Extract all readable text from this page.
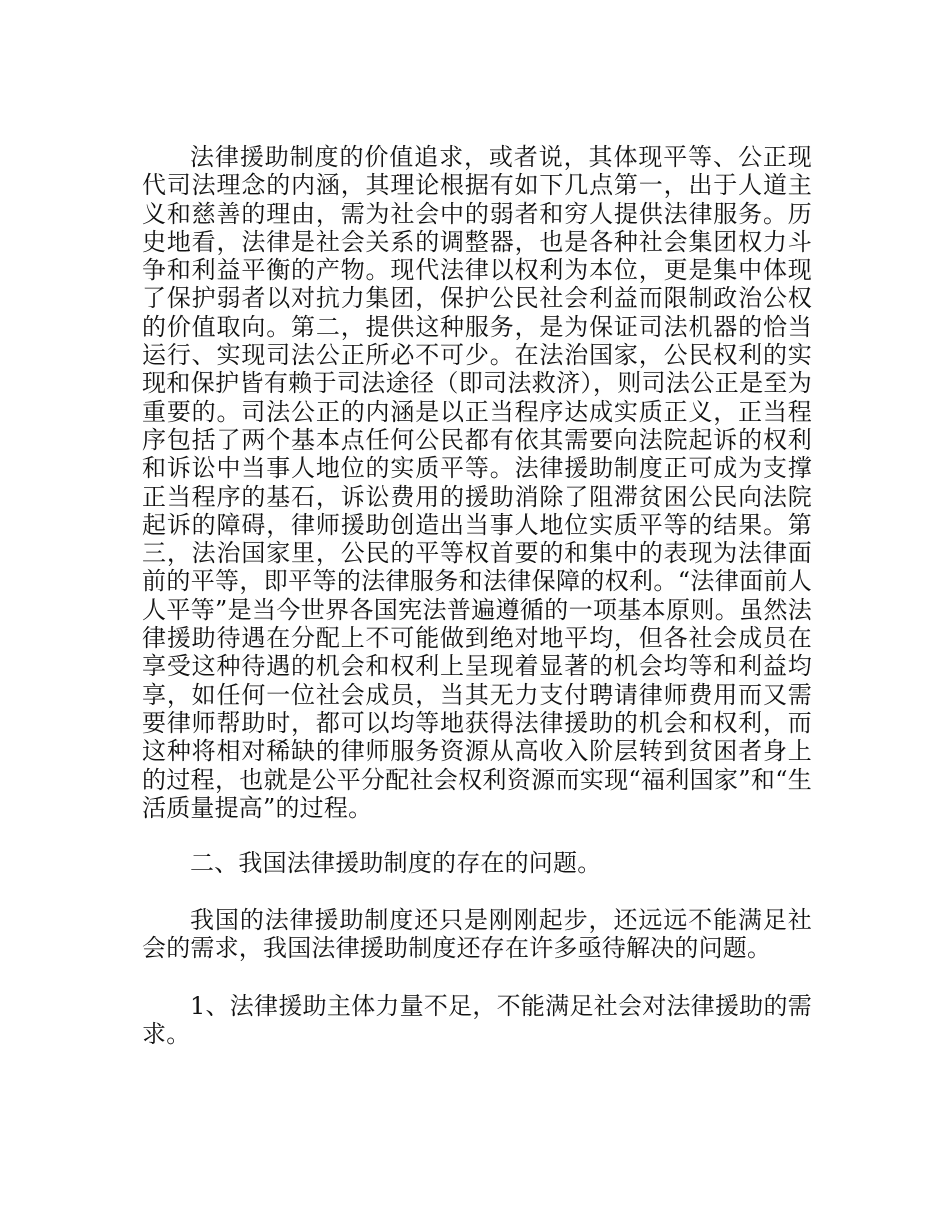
法律援助制度的价值追求，或者说，其体现平等、公正现代司法理念的内涵，其理论根据有如下几点第一，出于人道主义和慈善的理由，需为社会中的弱者和穷人提供法律服务。历史地看，法律是社会关系的调整器，也是各种社会集团权力斗争和利益平衡的产物。现代法律以权利为本位，更是集中体现了保护弱者以对抗力集团，保护公民社会利益而限制政治公权的价值取向。第二，提供这种服务，是为保证司法机器的恰当运行、实现司法公正所必不可少。在法治国家，公民权利的实现和保护皆有赖于司法途径（即司法救济），则司法公正是至为重要的。司法公正的内涵是以正当程序达成实质正义，正当程序包括了两个基本点任何公民都有依其需要向法院起诉的权利和诉讼中当事人地位的实质平等。法律援助制度正可成为支撑正当程序的基石，诉讼费用的援助消除了阻滞贫困公民向法院起诉的障碍，律师援助创造出当事人地位实质平等的结果。第三，法治国家里，公民的平等权首要的和集中的表现为法律面前的平等，即平等的法律服务和法律保障的权利。“法律面前人人平等”是当今世界各国宪法普遍遵循的一项基本原则。虽然法律援助待遇在分配上不可能做到绝对地平均，但各社会成员在享受这种待遇的机会和权利上呈现着显著的机会均等和利益均享，如任何一位社会成员，当其无力支付聘请律师费用而又需要律师帮助时，都可以均等地获得法律援助的机会和权利，而这种将相对稀缺的律师服务资源从高收入阶层转到贫困者身上的过程，也就是公平分配社会权利资源而实现“福利国家”和“生活质量提高”的过程。

二、我国法律援助制度的存在的问题。

我国的法律援助制度还只是刚刚起步，还远远不能满足社会的需求，我国法律援助制度还存在许多亟待解决的问题。

1、法律援助主体力量不足，不能满足社会对法律援助的需求。
